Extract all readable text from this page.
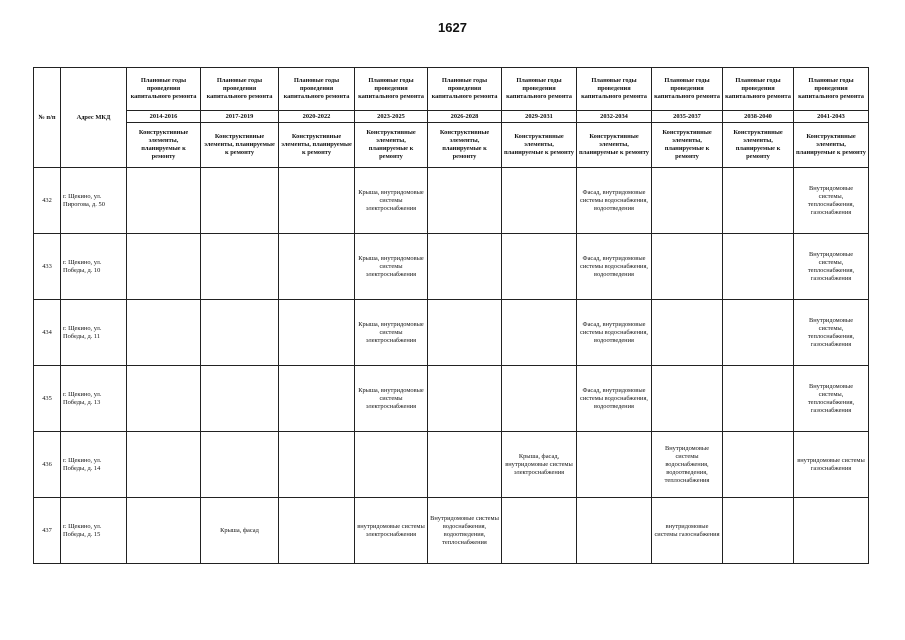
1627
№ п/п	Адрес МКД	Плановые годы проведения капитального ремонта	Плановые годы проведения капитального ремонта	Плановые годы проведения капитального ремонта	Плановые годы проведения капитального ремонта	Плановые годы проведения капитального ремонта	Плановые годы проведения капитального ремонта	Плановые годы проведения капитального ремонта	Плановые годы проведения капитального ремонта	Плановые годы проведения капитального ремонта	Плановые годы проведения капитального ремонта
		2014-2016	2017-2019	2020-2022	2023-2025	2026-2028	2029-2031	2032-2034	2035-2037	2038-2040	2041-2043
		Конструктивные элементы, планируемые к ремонту	Конструктивные элементы, планируемые к ремонту	Конструктивные элементы, планируемые к ремонту	Конструктивные элементы, планируемые к ремонту	Конструктивные элементы, планируемые к ремонту	Конструктивные элементы, планируемые к ремонту	Конструктивные элементы, планируемые к ремонту	Конструктивные элементы, планируемые к ремонту	Конструктивные элементы, планируемые к ремонту	Конструктивные элементы, планируемые к ремонту
432	г. Щекино, ул. Пирогова, д. 50				Крыша, внутридомовые системы электроснабжения			Фасад, внутридомовые системы водоснабжения, водоотведения			Внутридомовые системы, теплоснабжения, газоснабжения
433	г. Щекино, ул. Победы, д. 10				Крыша, внутридомовые системы электроснабжения			Фасад, внутридомовые системы водоснабжения, водоотведения			Внутридомовые системы, теплоснабжения, газоснабжения
434	г. Щекино, ул. Победы, д. 11				Крыша, внутридомовые системы электроснабжения			Фасад, внутридомовые системы водоснабжения, водоотведения			Внутридомовые системы, теплоснабжения, газоснабжения
435	г. Щекино, ул. Победы, д. 13				Крыша, внутридомовые системы электроснабжения			Фасад, внутридомовые системы водоснабжения, водоотведения			Внутридомовые системы, теплоснабжения, газоснабжения
436	г. Щекино, ул. Победы, д. 14						Крыша, фасад, внутридомовые системы электроснабжения		Внутридомовые системы водоснабжения, водоотведения, теплоснабжения		внутридомовые системы газоснабжения
437	г. Щекино, ул. Победы, д. 15		Крыша, фасад		внутридомовые системы электроснабжения	Внутридомовые системы водоснабжения, водоотведения, теплоснабжения			внутридомовые системы газоснабжения		
